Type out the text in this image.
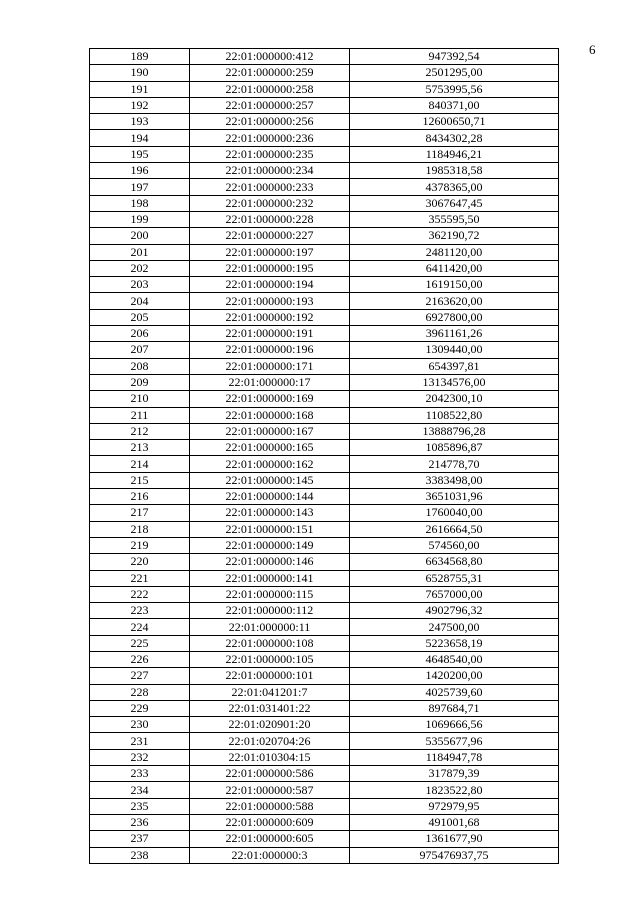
6
189	22:01:000000:412	947392,54
190	22:01:000000:259	2501295,00
191	22:01:000000:258	5753995,56
192	22:01:000000:257	840371,00
193	22:01:000000:256	12600650,71
194	22:01:000000:236	8434302,28
195	22:01:000000:235	1184946,21
196	22:01:000000:234	1985318,58
197	22:01:000000:233	4378365,00
198	22:01:000000:232	3067647,45
199	22:01:000000:228	355595,50
200	22:01:000000:227	362190,72
201	22:01:000000:197	2481120,00
202	22:01:000000:195	6411420,00
203	22:01:000000:194	1619150,00
204	22:01:000000:193	2163620,00
205	22:01:000000:192	6927800,00
206	22:01:000000:191	3961161,26
207	22:01:000000:196	1309440,00
208	22:01:000000:171	654397,81
209	22:01:000000:17	13134576,00
210	22:01:000000:169	2042300,10
211	22:01:000000:168	1108522,80
212	22:01:000000:167	13888796,28
213	22:01:000000:165	1085896,87
214	22:01:000000:162	214778,70
215	22:01:000000:145	3383498,00
216	22:01:000000:144	3651031,96
217	22:01:000000:143	1760040,00
218	22:01:000000:151	2616664,50
219	22:01:000000:149	574560,00
220	22:01:000000:146	6634568,80
221	22:01:000000:141	6528755,31
222	22:01:000000:115	7657000,00
223	22:01:000000:112	4902796,32
224	22:01:000000:11	247500,00
225	22:01:000000:108	5223658,19
226	22:01:000000:105	4648540,00
227	22:01:000000:101	1420200,00
228	22:01:041201:7	4025739,60
229	22:01:031401:22	897684,71
230	22:01:020901:20	1069666,56
231	22:01:020704:26	5355677,96
232	22:01:010304:15	1184947,78
233	22:01:000000:586	317879,39
234	22:01:000000:587	1823522,80
235	22:01:000000:588	972979,95
236	22:01:000000:609	491001,68
237	22:01:000000:605	1361677,90
238	22:01:000000:3	975476937,75
